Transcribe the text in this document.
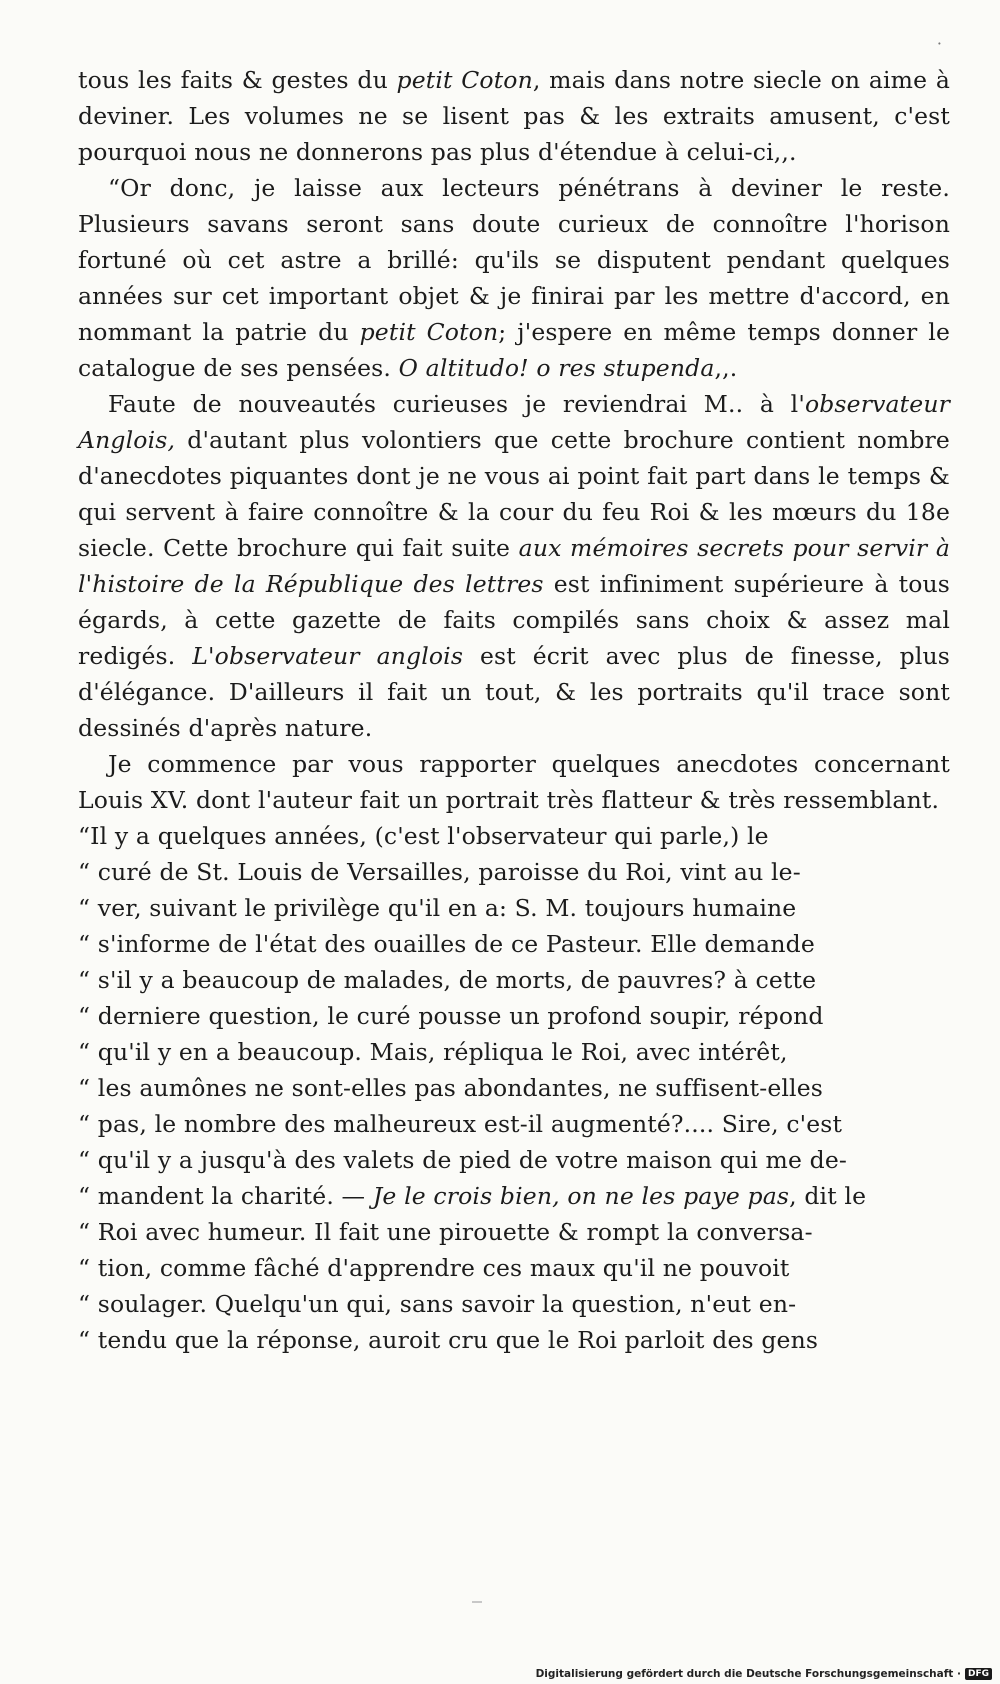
·

tous les faits & gestes du petit Coton, mais dans notre siecle on aime à deviner. Les volumes ne se lisent pas & les extraits amusent, c'est pourquoi nous ne donnerons pas plus d'étendue à celui-ci,,.

“Or donc, je laisse aux lecteurs pénétrans à deviner le reste. Plusieurs savans seront sans doute curieux de connoître l'horison fortuné où cet astre a brillé: qu'ils se disputent pendant quelques années sur cet important objet & je finirai par les mettre d'accord, en nommant la patrie du petit Coton; j'espere en même temps donner le catalogue de ses pensées. O altitudo! o res stupenda,,.

Faute de nouveautés curieuses je reviendrai M.. à l'observateur Anglois, d'autant plus volontiers que cette brochure contient nombre d'anecdotes piquantes dont je ne vous ai point fait part dans le temps & qui servent à faire connoître & la cour du feu Roi & les mœurs du 18e siecle. Cette brochure qui fait suite aux mémoires secrets pour servir à l'histoire de la République des lettres est infiniment supérieure à tous égards, à cette gazette de faits compilés sans choix & assez mal redigés. L'observateur anglois est écrit avec plus de finesse, plus d'élégance. D'ailleurs il fait un tout, & les portraits qu'il trace sont dessinés d'après nature.

Je commence par vous rapporter quelques anecdotes concernant Louis XV. dont l'auteur fait un portrait très flatteur & très ressemblant.

“Il y a quelques années, (c'est l'observateur qui parle,) le
“ curé de St. Louis de Versailles, paroisse du Roi, vint au le-
“ ver, suivant le privilège qu'il en a: S. M. toujours humaine
“ s'informe de l'état des ouailles de ce Pasteur. Elle demande
“ s'il y a beaucoup de malades, de morts, de pauvres? à cette
“ derniere question, le curé pousse un profond soupir, répond
“ qu'il y en a beaucoup. Mais, répliqua le Roi, avec intérêt,
“ les aumônes ne sont-elles pas abondantes, ne suffisent-elles
“ pas, le nombre des malheureux est-il augmenté?.... Sire, c'est
“ qu'il y a jusqu'à des valets de pied de votre maison qui me de-
“ mandent la charité. — Je le crois bien, on ne les paye pas, dit le
“ Roi avec humeur. Il fait une pirouette & rompt la conversa-
“ tion, comme fâché d'apprendre ces maux qu'il ne pouvoit
“ soulager. Quelqu'un qui, sans savoir la question, n'eut en-
“ tendu que la réponse, auroit cru que le Roi parloit des gens
Digitalisierung gefördert durch die Deutsche Forschungsgemeinschaft · DFG
